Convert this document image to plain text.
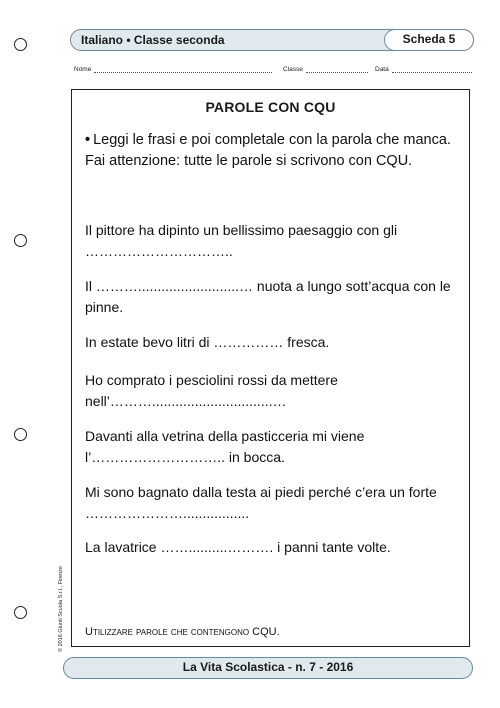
Italiano • Classe seconda	Scheda 5
Nome	Classe	Data
PAROLE CON CQU
• Leggi le frasi e poi completale con la parola che manca. Fai attenzione: tutte le parole si scrivono con CQU.
Il pittore ha dipinto un bellissimo paesaggio con gli …………………………..
Il ………..........................… nuota a lungo sott’acqua con le pinne.
In estate bevo litri di …………… fresca.
Ho comprato i pesciolini rossi da mettere nell’………...............................…
Davanti alla vetrina della pasticceria mi viene l’……………………….. in bocca.
Mi sono bagnato dalla testa ai piedi perché c’era un forte ………………….................
La lavatrice ……..........………. i panni tante volte.
Utilizzare parole che contengono CQU.
© 2016 Giunti Scuola S.r.l., Firenze
La Vita Scolastica - n. 7 - 2016
